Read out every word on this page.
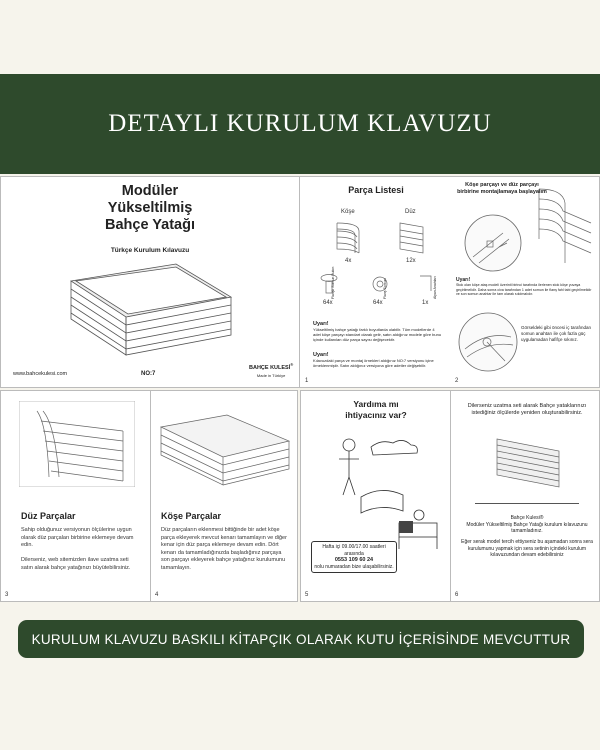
DETAYLI KURULUM KLAVUZU
Modüler
Yükseltilmiş
Bahçe Yatağı
Türkçe Kurulum Kılavuzu
www.bahcekulesi.com	NO:7
BAHÇE KULESİ®
Made in Türkiye
Parça Listesi
Köşe	Düz
4x	12x
64x	64x	1x
Flanşlı Somun Bulon	Flanş Somun	Alyan Anahtarı
Uyarı!
Yükseltilmiş bahçe yatağı farklı boyutlarda olabilir. Tüm modellerde 4 adet köşe parçayı standart olarak gelir, satın aldığınız modele göre bunu içinde kullanılan düz parça sayısı değişecektir.
Uyarı!
Kılavuzdaki parça ve montaj örnekleri aldığınız NO:7 versiyonu içine örneklenmiştir. Satın aldığınız versiyona göre adetler değişebilir.
1
Köşe parçayı ve düz parçayı birbirine montajlamaya başlayalım
Uyarı!
Stok olan köşe ataş modeli üzerinti birinci tarafında ilerlenen stok köşe yuvaya geçirilmelidir. Daha sonra civa tarafından 1 adet somun ile flanş fahl tabi geçirilmelidir ve son somun anahtar ile tam olarak sıkılmalıdır.
Görseldeki gibi öncesi iç tarafından somun anahtarı ile çok fazla güç uygulamadan hafifçe sıkınız.
2
Düz Parçalar
Sahip olduğunuz versiyonun ölçülerine uygun olarak düz parçaları birbirine eklemeye devam edin.
Dilerseniz, web sitemizden ilave uzatma seti satın alarak bahçe yatağınızı büyütebilirsiniz.
3
Köşe Parçalar
Düz parçaların eklenmesi bittiğinde bir adet köşe parça ekleyerek mevcut kenarı tamamlayın ve diğer kenar için düz parça eklemeye devam edin. Dört kenarı da tamamladığınızda başladığınız parçaya son parçayı ekleyerek bahçe yatağınız kurulumunu tamamlayın.
4
Yardıma mı
ihtiyacınız var?
Hafta içi 09.00/17.00 saatleri arasında
0553 109 60 24
nolu numaradan bize ulaşabilirsiniz.
5
Dilerseniz uzatma seti alarak Bahçe yataklarınızı istediğiniz ölçülerde yeniden oluşturabilirsiniz.
Bahçe Kulesi®
Modüler Yükseltilmiş Bahçe Yatağı kurulum kılavuzunu tamamladınız.
Eğer serak model tercih ettiyseniz bu aşamadan sonra sera kurulumunu yapmak için sera setinin içindeki kurulum kılavuzundan devam edebilirsiniz
6
KURULUM KLAVUZU BASKILI KİTAPÇIK OLARAK KUTU İÇERİSİNDE MEVCUTTUR
